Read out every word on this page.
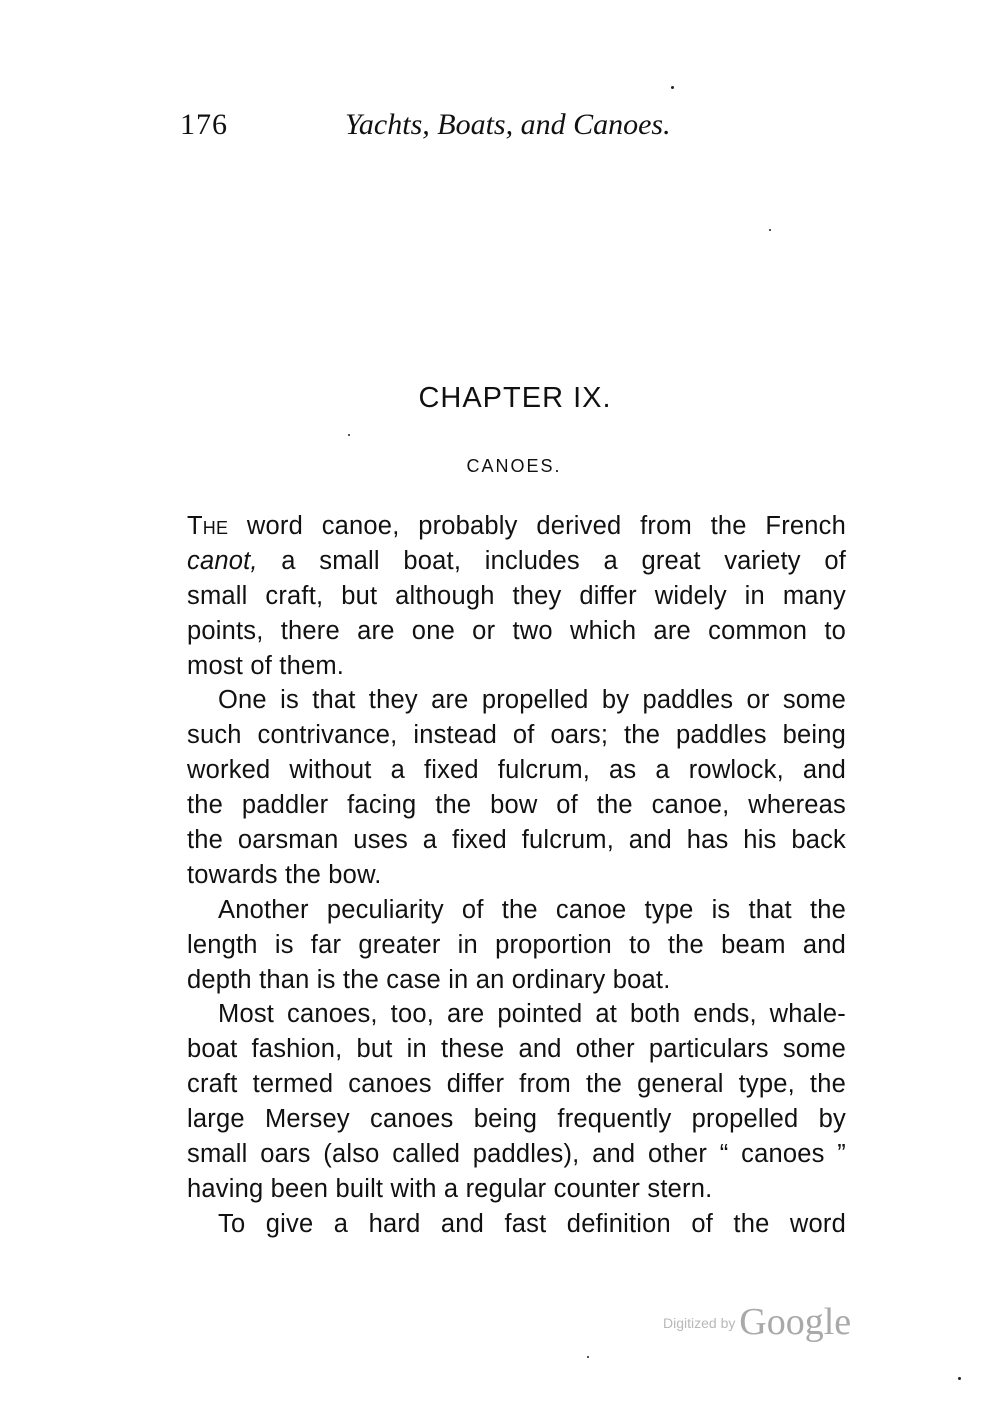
176	Yachts, Boats, and Canoes.
CHAPTER IX.
CANOES.
The word canoe, probably derived from the French
canot, a small boat, includes a great variety of
small craft, but although they differ widely in many
points, there are one or two which are common to
most of them.
One is that they are propelled by paddles or some
such contrivance, instead of oars; the paddles being
worked without a fixed fulcrum, as a rowlock, and
the paddler facing the bow of the canoe, whereas
the oarsman uses a fixed fulcrum, and has his back
towards the bow.
Another peculiarity of the canoe type is that the
length is far greater in proportion to the beam and
depth than is the case in an ordinary boat.
Most canoes, too, are pointed at both ends, whale-
boat fashion, but in these and other particulars some
craft termed canoes differ from the general type, the
large Mersey canoes being frequently propelled by
small oars (also called paddles), and other “ canoes ”
having been built with a regular counter stern.
To give a hard and fast definition of the word
Digitized by Google
